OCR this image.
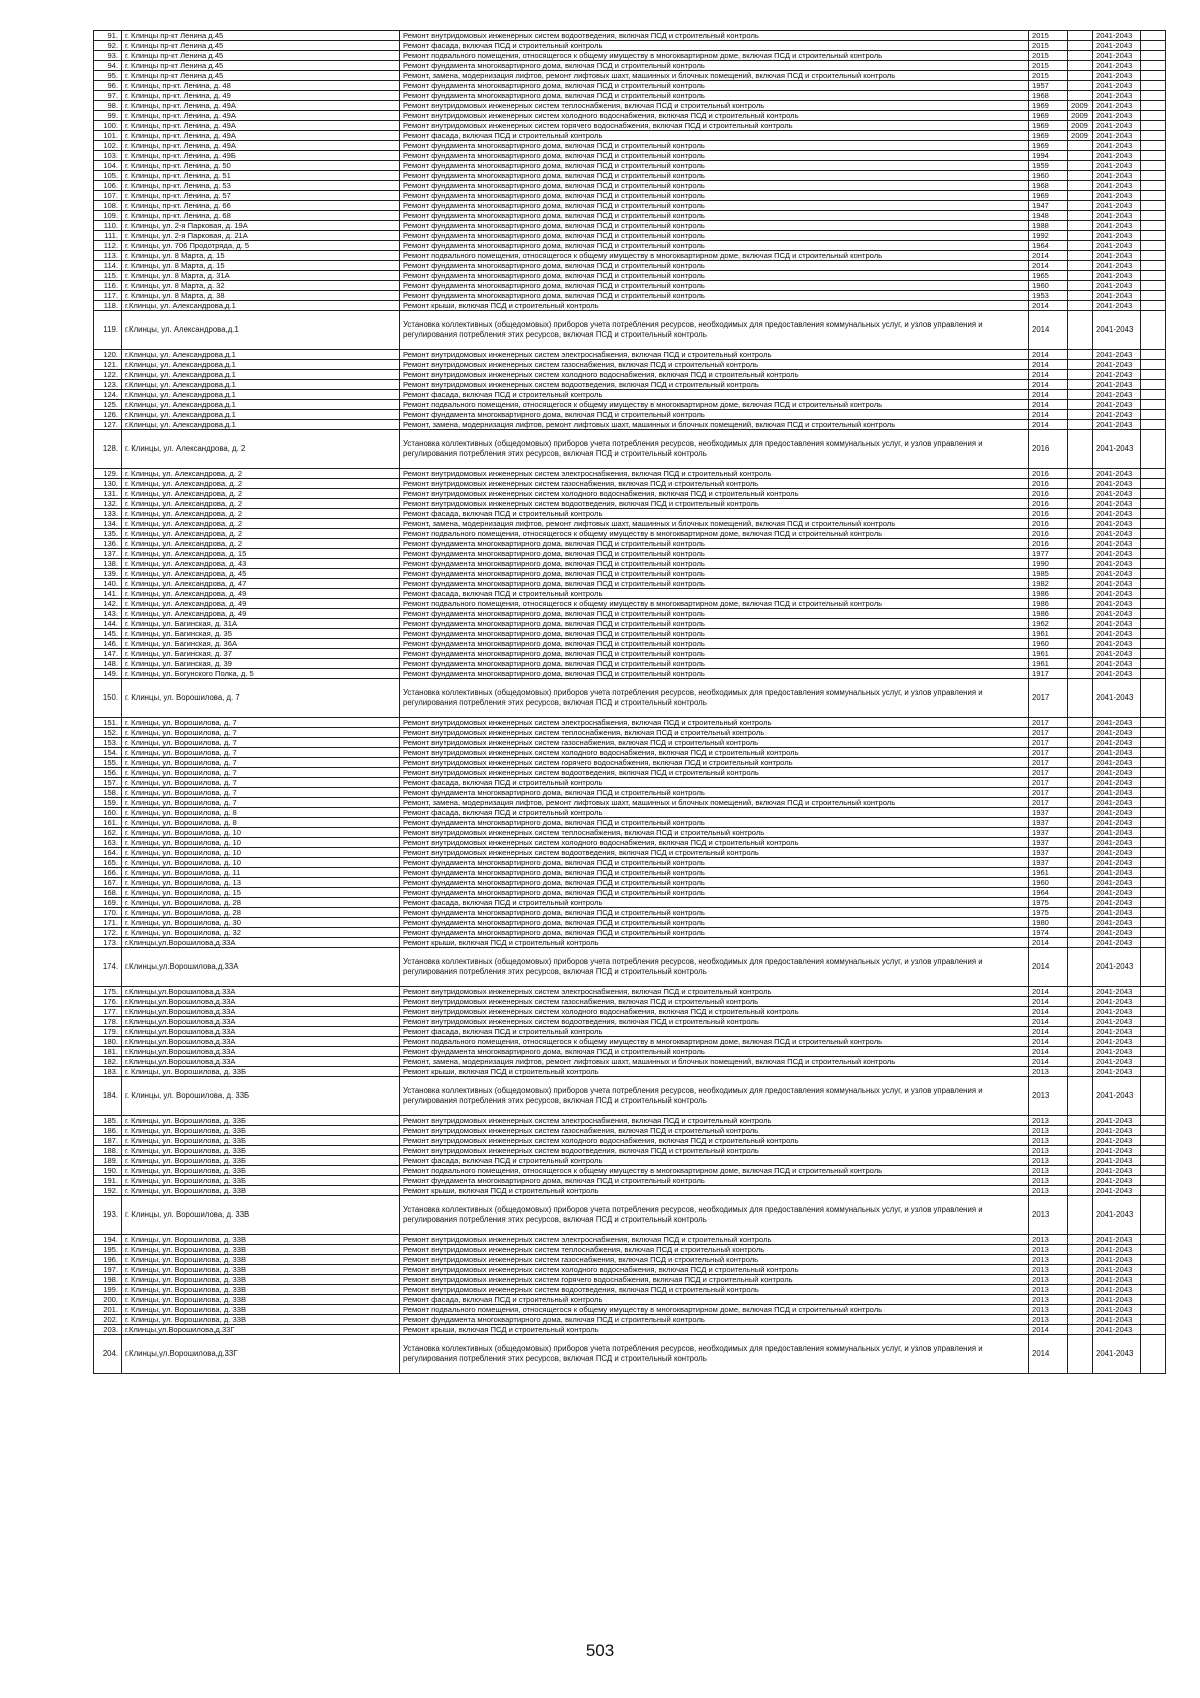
91.	г. Клинцы пр-кт Ленина д.45	Ремонт внутридомовых инженерных систем водоотведения, включая ПСД и строительный контроль	2015		2041-2043	
92.	г. Клинцы пр-кт Ленина д.45	Ремонт фасада, включая ПСД и строительный контроль	2015		2041-2043	
93.	г. Клинцы пр-кт Ленина д.45	Ремонт подвального помещения, относящегося к общему имуществу в многоквартирном доме, включая ПСД и строительный контроль	2015		2041-2043	
94.	г. Клинцы пр-кт Ленина д.45	Ремонт фундамента многоквартирного дома, включая ПСД и строительный контроль	2015		2041-2043	
95.	г. Клинцы пр-кт Ленина д.45	Ремонт, замена, модернизация лифтов, ремонт лифтовых шахт, машинных и блочных помещений, включая ПСД и строительный контроль	2015		2041-2043	
96.	г. Клинцы, пр-кт. Ленина, д. 48	Ремонт фундамента многоквартирного дома, включая ПСД и строительный контроль	1957		2041-2043	
97.	г. Клинцы, пр-кт. Ленина, д. 49	Ремонт фундамента многоквартирного дома, включая ПСД и строительный контроль	1968		2041-2043	
98.	г. Клинцы, пр-кт. Ленина, д. 49А	Ремонт внутридомовых инженерных систем теплоснабжения, включая ПСД и строительный контроль	1969	2009	2041-2043	
99.	г. Клинцы, пр-кт. Ленина, д. 49А	Ремонт внутридомовых инженерных систем холодного водоснабжения, включая ПСД и строительный контроль	1969	2009	2041-2043	
100.	г. Клинцы, пр-кт. Ленина, д. 49А	Ремонт внутридомовых инженерных систем горячего водоснабжения, включая ПСД и строительный контроль	1969	2009	2041-2043	
101.	г. Клинцы, пр-кт. Ленина, д. 49А	Ремонт фасада, включая ПСД и строительный контроль	1969	2009	2041-2043	
102.	г. Клинцы, пр-кт. Ленина, д. 49А	Ремонт фундамента многоквартирного дома, включая ПСД и строительный контроль	1969		2041-2043	
103.	г. Клинцы, пр-кт. Ленина, д. 49Б	Ремонт фундамента многоквартирного дома, включая ПСД и строительный контроль	1994		2041-2043	
104.	г. Клинцы, пр-кт. Ленина, д. 50	Ремонт фундамента многоквартирного дома, включая ПСД и строительный контроль	1959		2041-2043	
105.	г. Клинцы, пр-кт. Ленина, д. 51	Ремонт фундамента многоквартирного дома, включая ПСД и строительный контроль	1960		2041-2043	
106.	г. Клинцы, пр-кт. Ленина, д. 53	Ремонт фундамента многоквартирного дома, включая ПСД и строительный контроль	1968		2041-2043	
107.	г. Клинцы, пр-кт. Ленина, д. 57	Ремонт фундамента многоквартирного дома, включая ПСД и строительный контроль	1969		2041-2043	
108.	г. Клинцы, пр-кт. Ленина, д. 66	Ремонт фундамента многоквартирного дома, включая ПСД и строительный контроль	1947		2041-2043	
109.	г. Клинцы, пр-кт. Ленина, д. 68	Ремонт фундамента многоквартирного дома, включая ПСД и строительный контроль	1948		2041-2043	
110.	г. Клинцы, ул. 2-я Парковая, д. 19А	Ремонт фундамента многоквартирного дома, включая ПСД и строительный контроль	1988		2041-2043	
111.	г. Клинцы, ул. 2-я Парковая, д. 21А	Ремонт фундамента многоквартирного дома, включая ПСД и строительный контроль	1992		2041-2043	
112.	г. Клинцы, ул. 706 Продотряда, д. 5	Ремонт фундамента многоквартирного дома, включая ПСД и строительный контроль	1964		2041-2043	
113.	г. Клинцы, ул. 8 Марта, д. 15	Ремонт подвального помещения, относящегося к общему имуществу в многоквартирном доме, включая ПСД и строительный контроль	2014		2041-2043	
114.	г. Клинцы, ул. 8 Марта, д. 15	Ремонт фундамента многоквартирного дома, включая ПСД и строительный контроль	2014		2041-2043	
115.	г. Клинцы, ул. 8 Марта, д. 31А	Ремонт фундамента многоквартирного дома, включая ПСД и строительный контроль	1965		2041-2043	
116.	г. Клинцы, ул. 8 Марта, д. 32	Ремонт фундамента многоквартирного дома, включая ПСД и строительный контроль	1960		2041-2043	
117.	г. Клинцы, ул. 8 Марта, д. 38	Ремонт фундамента многоквартирного дома, включая ПСД и строительный контроль	1953		2041-2043	
118.	г.Клинцы, ул. Александрова,д.1	Ремонт крыши, включая ПСД и строительный контроль	2014		2041-2043	
119.	г.Клинцы, ул. Александрова,д.1	Установка коллективных (общедомовых) приборов учета потребления ресурсов, необходимых для предоставления коммунальных услуг, и узлов управления и регулирования потребления этих ресурсов, включая ПСД и строительный контроль	2014		2041-2043	
120.	г.Клинцы, ул. Александрова,д.1	Ремонт внутридомовых инженерных систем электроснабжения, включая ПСД и строительный контроль	2014		2041-2043	
121.	г.Клинцы, ул. Александрова,д.1	Ремонт внутридомовых инженерных систем газоснабжения, включая ПСД и строительный контроль	2014		2041-2043	
122.	г.Клинцы, ул. Александрова,д.1	Ремонт внутридомовых инженерных систем холодного водоснабжения, включая ПСД и строительный контроль	2014		2041-2043	
123.	г.Клинцы, ул. Александрова,д.1	Ремонт внутридомовых инженерных систем водоотведения, включая ПСД и строительный контроль	2014		2041-2043	
124.	г.Клинцы, ул. Александрова,д.1	Ремонт фасада, включая ПСД и строительный контроль	2014		2041-2043	
125.	г.Клинцы, ул. Александрова,д.1	Ремонт подвального помещения, относящегося к общему имуществу в многоквартирном доме, включая ПСД и строительный контроль	2014		2041-2043	
126.	г.Клинцы, ул. Александрова,д.1	Ремонт фундамента многоквартирного дома, включая ПСД и строительный контроль	2014		2041-2043	
127.	г.Клинцы, ул. Александрова,д.1	Ремонт, замена, модернизация лифтов, ремонт лифтовых шахт, машинных и блочных помещений, включая ПСД и строительный контроль	2014		2041-2043	
128.	г. Клинцы, ул. Александрова, д. 2	Установка коллективных (общедомовых) приборов учета потребления ресурсов, необходимых для предоставления коммунальных услуг, и узлов управления и регулирования потребления этих ресурсов, включая ПСД и строительный контроль	2016		2041-2043	
129.	г. Клинцы, ул. Александрова, д. 2	Ремонт внутридомовых инженерных систем электроснабжения, включая ПСД и строительный контроль	2016		2041-2043	
130.	г. Клинцы, ул. Александрова, д. 2	Ремонт внутридомовых инженерных систем газоснабжения, включая ПСД и строительный контроль	2016		2041-2043	
131.	г. Клинцы, ул. Александрова, д. 2	Ремонт внутридомовых инженерных систем холодного водоснабжения, включая ПСД и строительный контроль	2016		2041-2043	
132.	г. Клинцы, ул. Александрова, д. 2	Ремонт внутридомовых инженерных систем водоотведения, включая ПСД и строительный контроль	2016		2041-2043	
133.	г. Клинцы, ул. Александрова, д. 2	Ремонт фасада, включая ПСД и строительный контроль	2016		2041-2043	
134.	г. Клинцы, ул. Александрова, д. 2	Ремонт, замена, модернизация лифтов, ремонт лифтовых шахт, машинных и блочных помещений, включая ПСД и строительный контроль	2016		2041-2043	
135.	г. Клинцы, ул. Александрова, д. 2	Ремонт подвального помещения, относящегося к общему имуществу в многоквартирном доме, включая ПСД и строительный контроль	2016		2041-2043	
136.	г. Клинцы, ул. Александрова, д. 2	Ремонт фундамента многоквартирного дома, включая ПСД и строительный контроль	2016		2041-2043	
137.	г. Клинцы, ул. Александрова, д. 15	Ремонт фундамента многоквартирного дома, включая ПСД и строительный контроль	1977		2041-2043	
138.	г. Клинцы, ул. Александрова, д. 43	Ремонт фундамента многоквартирного дома, включая ПСД и строительный контроль	1990		2041-2043	
139.	г. Клинцы, ул. Александрова, д. 45	Ремонт фундамента многоквартирного дома, включая ПСД и строительный контроль	1985		2041-2043	
140.	г. Клинцы, ул. Александрова, д. 47	Ремонт фундамента многоквартирного дома, включая ПСД и строительный контроль	1982		2041-2043	
141.	г. Клинцы, ул. Александрова, д. 49	Ремонт фасада, включая ПСД и строительный контроль	1986		2041-2043	
142.	г. Клинцы, ул. Александрова, д. 49	Ремонт подвального помещения, относящегося к общему имуществу в многоквартирном доме, включая ПСД и строительный контроль	1986		2041-2043	
143.	г. Клинцы, ул. Александрова, д. 49	Ремонт фундамента многоквартирного дома, включая ПСД и строительный контроль	1986		2041-2043	
144.	г. Клинцы, ул. Багинская, д. 31А	Ремонт фундамента многоквартирного дома, включая ПСД и строительный контроль	1962		2041-2043	
145.	г. Клинцы, ул. Багинская, д. 35	Ремонт фундамента многоквартирного дома, включая ПСД и строительный контроль	1961		2041-2043	
146.	г. Клинцы, ул. Багинская, д. 36А	Ремонт фундамента многоквартирного дома, включая ПСД и строительный контроль	1960		2041-2043	
147.	г. Клинцы, ул. Багинская, д. 37	Ремонт фундамента многоквартирного дома, включая ПСД и строительный контроль	1961		2041-2043	
148.	г. Клинцы, ул. Багинская, д. 39	Ремонт фундамента многоквартирного дома, включая ПСД и строительный контроль	1961		2041-2043	
149.	г. Клинцы, ул. Богунского Полка, д. 5	Ремонт фундамента многоквартирного дома, включая ПСД и строительный контроль	1917		2041-2043	
150.	г. Клинцы, ул. Ворошилова, д. 7	Установка коллективных (общедомовых) приборов учета потребления ресурсов, необходимых для предоставления коммунальных услуг, и узлов управления и регулирования потребления этих ресурсов, включая ПСД и строительный контроль	2017		2041-2043	
151.	г. Клинцы, ул. Ворошилова, д. 7	Ремонт внутридомовых инженерных систем электроснабжения, включая ПСД и строительный контроль	2017		2041-2043	
152.	г. Клинцы, ул. Ворошилова, д. 7	Ремонт внутридомовых инженерных систем теплоснабжения, включая ПСД и строительный контроль	2017		2041-2043	
153.	г. Клинцы, ул. Ворошилова, д. 7	Ремонт внутридомовых инженерных систем газоснабжения, включая ПСД и строительный контроль	2017		2041-2043	
154.	г. Клинцы, ул. Ворошилова, д. 7	Ремонт внутридомовых инженерных систем холодного водоснабжения, включая ПСД и строительный контроль	2017		2041-2043	
155.	г. Клинцы, ул. Ворошилова, д. 7	Ремонт внутридомовых инженерных систем горячего водоснабжения, включая ПСД и строительный контроль	2017		2041-2043	
156.	г. Клинцы, ул. Ворошилова, д. 7	Ремонт внутридомовых инженерных систем водоотведения, включая ПСД и строительный контроль	2017		2041-2043	
157.	г. Клинцы, ул. Ворошилова, д. 7	Ремонт фасада, включая ПСД и строительный контроль	2017		2041-2043	
158.	г. Клинцы, ул. Ворошилова, д. 7	Ремонт фундамента многоквартирного дома, включая ПСД и строительный контроль	2017		2041-2043	
159.	г. Клинцы, ул. Ворошилова, д. 7	Ремонт, замена, модернизация лифтов, ремонт лифтовых шахт, машинных и блочных помещений, включая ПСД и строительный контроль	2017		2041-2043	
160.	г. Клинцы, ул. Ворошилова, д. 8	Ремонт фасада, включая ПСД и строительный контроль	1937		2041-2043	
161.	г. Клинцы, ул. Ворошилова, д. 8	Ремонт фундамента многоквартирного дома, включая ПСД и строительный контроль	1937		2041-2043	
162.	г. Клинцы, ул. Ворошилова, д. 10	Ремонт внутридомовых инженерных систем теплоснабжения, включая ПСД и строительный контроль	1937		2041-2043	
163.	г. Клинцы, ул. Ворошилова, д. 10	Ремонт внутридомовых инженерных систем холодного водоснабжения, включая ПСД и строительный контроль	1937		2041-2043	
164.	г. Клинцы, ул. Ворошилова, д. 10	Ремонт внутридомовых инженерных систем водоотведения, включая ПСД и строительный контроль	1937		2041-2043	
165.	г. Клинцы, ул. Ворошилова, д. 10	Ремонт фундамента многоквартирного дома, включая ПСД и строительный контроль	1937		2041-2043	
166.	г. Клинцы, ул. Ворошилова, д. 11	Ремонт фундамента многоквартирного дома, включая ПСД и строительный контроль	1961		2041-2043	
167.	г. Клинцы, ул. Ворошилова, д. 13	Ремонт фундамента многоквартирного дома, включая ПСД и строительный контроль	1960		2041-2043	
168.	г. Клинцы, ул. Ворошилова, д. 15	Ремонт фундамента многоквартирного дома, включая ПСД и строительный контроль	1964		2041-2043	
169.	г. Клинцы, ул. Ворошилова, д. 28	Ремонт фасада, включая ПСД и строительный контроль	1975		2041-2043	
170.	г. Клинцы, ул. Ворошилова, д. 28	Ремонт фундамента многоквартирного дома, включая ПСД и строительный контроль	1975		2041-2043	
171.	г. Клинцы, ул. Ворошилова, д. 30	Ремонт фундамента многоквартирного дома, включая ПСД и строительный контроль	1980		2041-2043	
172.	г. Клинцы, ул. Ворошилова, д. 32	Ремонт фундамента многоквартирного дома, включая ПСД и строительный контроль	1974		2041-2043	
173.	г.Клинцы,ул.Ворошилова,д.33А	Ремонт крыши, включая ПСД и строительный контроль	2014		2041-2043	
174.	г.Клинцы,ул.Ворошилова,д.33А	Установка коллективных (общедомовых) приборов учета потребления ресурсов, необходимых для предоставления коммунальных услуг, и узлов управления и регулирования потребления этих ресурсов, включая ПСД и строительный контроль	2014		2041-2043	
175.	г.Клинцы,ул.Ворошилова,д.33А	Ремонт внутридомовых инженерных систем электроснабжения, включая ПСД и строительный контроль	2014		2041-2043	
176.	г.Клинцы,ул.Ворошилова,д.33А	Ремонт внутридомовых инженерных систем газоснабжения, включая ПСД и строительный контроль	2014		2041-2043	
177.	г.Клинцы,ул.Ворошилова,д.33А	Ремонт внутридомовых инженерных систем холодного водоснабжения, включая ПСД и строительный контроль	2014		2041-2043	
178.	г.Клинцы,ул.Ворошилова,д.33А	Ремонт внутридомовых инженерных систем водоотведения, включая ПСД и строительный контроль	2014		2041-2043	
179.	г.Клинцы,ул.Ворошилова,д.33А	Ремонт фасада, включая ПСД и строительный контроль	2014		2041-2043	
180.	г.Клинцы,ул.Ворошилова,д.33А	Ремонт подвального помещения, относящегося к общему имуществу в многоквартирном доме, включая ПСД и строительный контроль	2014		2041-2043	
181.	г.Клинцы,ул.Ворошилова,д.33А	Ремонт фундамента многоквартирного дома, включая ПСД и строительный контроль	2014		2041-2043	
182.	г.Клинцы,ул.Ворошилова,д.33А	Ремонт, замена, модернизация лифтов, ремонт лифтовых шахт, машинных и блочных помещений, включая ПСД и строительный контроль	2014		2041-2043	
183.	г. Клинцы, ул. Ворошилова, д. 33Б	Ремонт крыши, включая ПСД и строительный контроль	2013		2041-2043	
184.	г. Клинцы, ул. Ворошилова, д. 33Б	Установка коллективных (общедомовых) приборов учета потребления ресурсов, необходимых для предоставления коммунальных услуг, и узлов управления и регулирования потребления этих ресурсов, включая ПСД и строительный контроль	2013		2041-2043	
185.	г. Клинцы, ул. Ворошилова, д. 33Б	Ремонт внутридомовых инженерных систем электроснабжения, включая ПСД и строительный контроль	2013		2041-2043	
186.	г. Клинцы, ул. Ворошилова, д. 33Б	Ремонт внутридомовых инженерных систем газоснабжения, включая ПСД и строительный контроль	2013		2041-2043	
187.	г. Клинцы, ул. Ворошилова, д. 33Б	Ремонт внутридомовых инженерных систем холодного водоснабжения, включая ПСД и строительный контроль	2013		2041-2043	
188.	г. Клинцы, ул. Ворошилова, д. 33Б	Ремонт внутридомовых инженерных систем водоотведения, включая ПСД и строительный контроль	2013		2041-2043	
189.	г. Клинцы, ул. Ворошилова, д. 33Б	Ремонт фасада, включая ПСД и строительный контроль	2013		2041-2043	
190.	г. Клинцы, ул. Ворошилова, д. 33Б	Ремонт подвального помещения, относящегося к общему имуществу в многоквартирном доме, включая ПСД и строительный контроль	2013		2041-2043	
191.	г. Клинцы, ул. Ворошилова, д. 33Б	Ремонт фундамента многоквартирного дома, включая ПСД и строительный контроль	2013		2041-2043	
192.	г. Клинцы, ул. Ворошилова, д. 33В	Ремонт крыши, включая ПСД и строительный контроль	2013		2041-2043	
193.	г. Клинцы, ул. Ворошилова, д. 33В	Установка коллективных (общедомовых) приборов учета потребления ресурсов, необходимых для предоставления коммунальных услуг, и узлов управления и регулирования потребления этих ресурсов, включая ПСД и строительный контроль	2013		2041-2043	
194.	г. Клинцы, ул. Ворошилова, д. 33В	Ремонт внутридомовых инженерных систем электроснабжения, включая ПСД и строительный контроль	2013		2041-2043	
195.	г. Клинцы, ул. Ворошилова, д. 33В	Ремонт внутридомовых инженерных систем теплоснабжения, включая ПСД и строительный контроль	2013		2041-2043	
196.	г. Клинцы, ул. Ворошилова, д. 33В	Ремонт внутридомовых инженерных систем газоснабжения, включая ПСД и строительный контроль	2013		2041-2043	
197.	г. Клинцы, ул. Ворошилова, д. 33В	Ремонт внутридомовых инженерных систем холодного водоснабжения, включая ПСД и строительный контроль	2013		2041-2043	
198.	г. Клинцы, ул. Ворошилова, д. 33В	Ремонт внутридомовых инженерных систем горячего водоснабжения, включая ПСД и строительный контроль	2013		2041-2043	
199.	г. Клинцы, ул. Ворошилова, д. 33В	Ремонт внутридомовых инженерных систем водоотведения, включая ПСД и строительный контроль	2013		2041-2043	
200.	г. Клинцы, ул. Ворошилова, д. 33В	Ремонт фасада, включая ПСД и строительный контроль	2013		2041-2043	
201.	г. Клинцы, ул. Ворошилова, д. 33В	Ремонт подвального помещения, относящегося к общему имуществу в многоквартирном доме, включая ПСД и строительный контроль	2013		2041-2043	
202.	г. Клинцы, ул. Ворошилова, д. 33В	Ремонт фундамента многоквартирного дома, включая ПСД и строительный контроль	2013		2041-2043	
203.	г.Клинцы,ул.Ворошилова,д.33Г	Ремонт крыши, включая ПСД и строительный контроль	2014		2041-2043	
204.	г.Клинцы,ул.Ворошилова,д.33Г	Установка коллективных (общедомовых) приборов учета потребления ресурсов, необходимых для предоставления коммунальных услуг, и узлов управления и регулирования потребления этих ресурсов, включая ПСД и строительный контроль	2014		2041-2043	
503
